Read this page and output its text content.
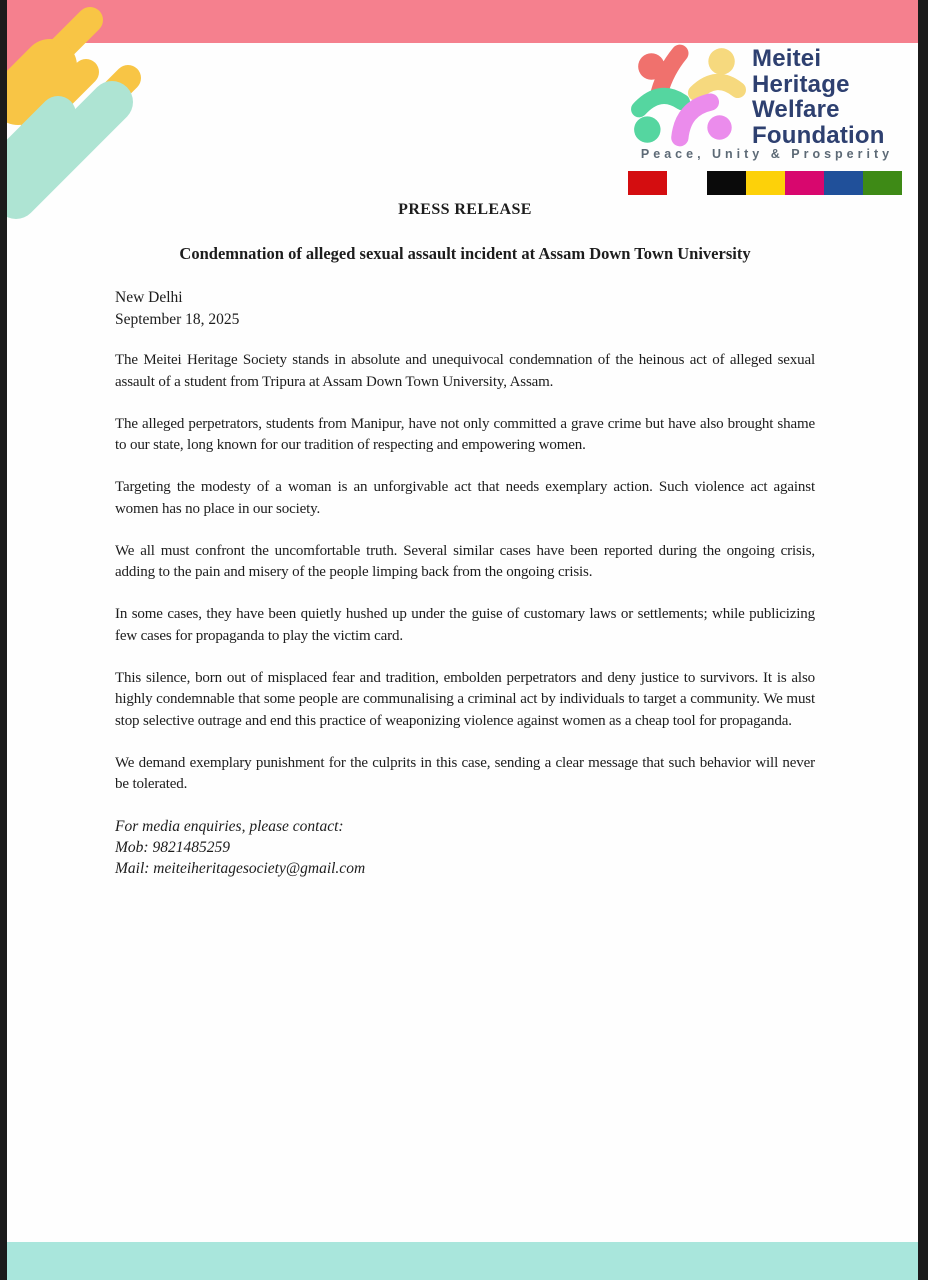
Meitei
Heritage
Welfare
Foundation
Peace, Unity & Prosperity
PRESS RELEASE
Condemnation of alleged sexual assault incident at Assam Down Town University
New Delhi
September 18, 2025

The Meitei Heritage Society stands in absolute and unequivocal condemnation of the heinous act of alleged sexual assault of a student from Tripura at Assam Down Town University, Assam.

The alleged perpetrators, students from Manipur, have not only committed a grave crime but have also brought shame to our state, long known for our tradition of respecting and empowering women.

Targeting the modesty of a woman is an unforgivable act that needs exemplary action. Such violence act against women has no place in our society.

We all must confront the uncomfortable truth. Several similar cases have been reported during the ongoing crisis, adding to the pain and misery of the people limping back from the ongoing crisis.

In some cases, they have been quietly hushed up under the guise of customary laws or settlements; while publicizing few cases for propaganda to play the victim card.

This silence, born out of misplaced fear and tradition, embolden perpetrators and deny justice to survivors. It is also highly condemnable that some people are communalising a criminal act by individuals to target a community. We must stop selective outrage and end this practice of weaponizing violence against women as a cheap tool for propaganda.

We demand exemplary punishment for the culprits in this case, sending a clear message that such behavior will never be tolerated.

For media enquiries, please contact:
Mob: 9821485259
Mail: meiteiheritagesociety@gmail.com
